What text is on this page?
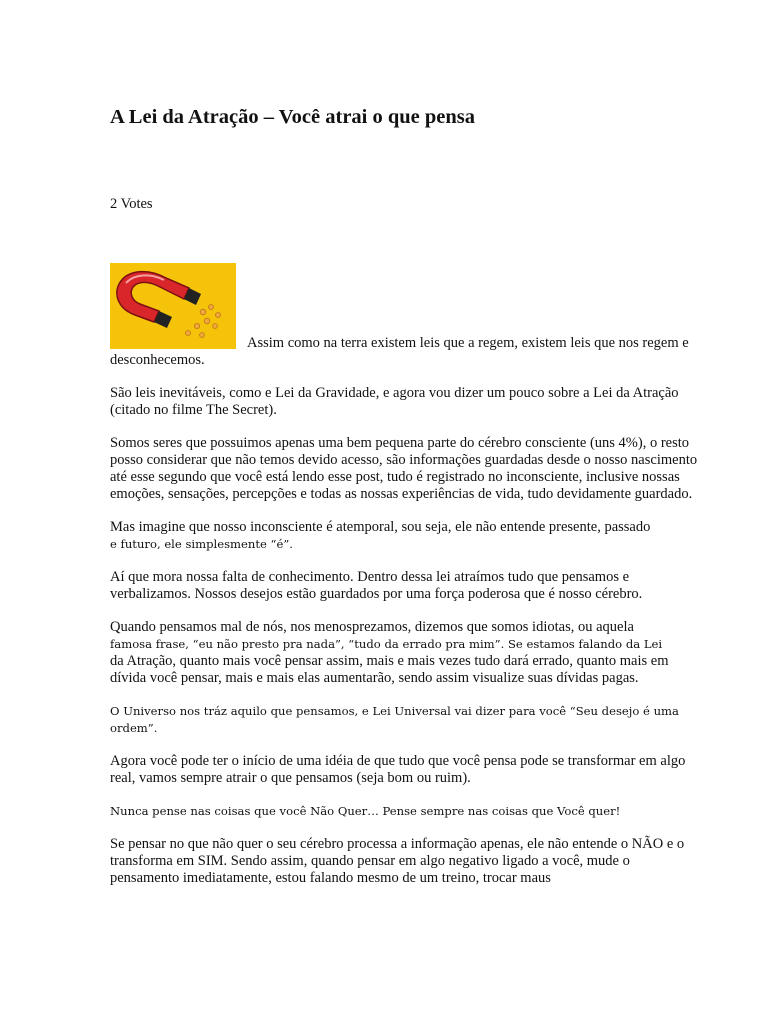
A Lei da Atração – Você atrai o que pensa
2 Votes

Assim como na terra existem leis que a regem, existem leis que nos regem e desconhecemos.

São leis inevitáveis, como e Lei da Gravidade, e agora vou dizer um pouco sobre a Lei da Atração (citado no filme The Secret).

Somos seres que possuimos apenas uma bem pequena parte do cérebro consciente (uns 4%), o resto posso considerar que não temos devido acesso, são informações guardadas desde o nosso nascimento até esse segundo que você está lendo esse post, tudo é registrado no inconsciente, inclusive nossas emoções, sensações, percepções e todas as nossas experiências de vida, tudo devidamente guardado.

Mas imagine que nosso inconsciente é atemporal, sou seja, ele não entende presente, passado
e futuro, ele simplesmente “é”.

Aí que mora nossa falta de conhecimento. Dentro dessa lei atraímos tudo que pensamos e verbalizamos. Nossos desejos estão guardados por uma força poderosa que é nosso cérebro.

Quando pensamos mal de nós, nos menosprezamos, dizemos que somos idiotas, ou aquela
famosa frase, “eu não presto pra nada”, “tudo da errado pra mim”. Se estamos falando da Lei
da Atração, quanto mais você pensar assim, mais e mais vezes tudo dará errado, quanto mais em dívida você pensar, mais e mais elas aumentarão, sendo assim visualize suas dívidas pagas.

O Universo nos tráz aquilo que pensamos, e Lei Universal vai dizer para você “Seu desejo é uma ordem”.

Agora você pode ter o início de uma idéia de que tudo que você pensa pode se transformar em algo real, vamos sempre atrair o que pensamos (seja bom ou ruim).

Nunca pense nas coisas que você Não Quer… Pense sempre nas coisas que Você quer!

Se pensar no que não quer o seu cérebro processa a informação apenas, ele não entende o NÃO e o transforma em SIM. Sendo assim, quando pensar em algo negativo ligado a você, mude o pensamento imediatamente, estou falando mesmo de um treino, trocar maus
